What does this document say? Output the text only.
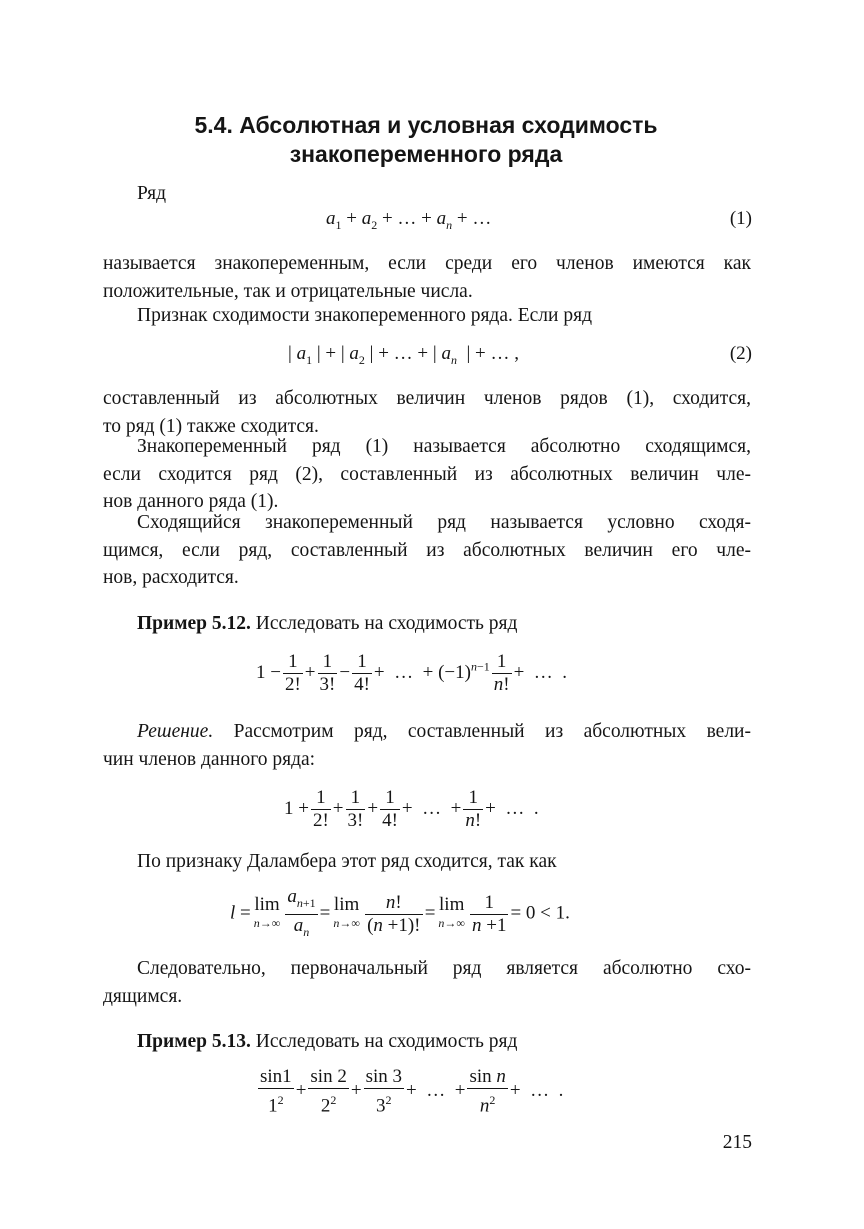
5.4. Абсолютная и условная сходимость
знакопеременного ряда
Ряд
$a_1 + a_2$ + … + $a_n$ + …	(1)
называется знакопеременным, если среди его членов имеются как
положительные, так и отрицательные числа.
Признак сходимости знакопеременного ряда. Если ряд
| $a_1$ | + | $a_2$ | + … + | $a_n$  | + … ,	(2)
составленный из абсолютных величин членов рядов (1), сходится,
то ряд (1) также сходится.
Знакопеременный ряд (1) называется абсолютно сходящимся,
если сходится ряд (2), составленный из абсолютных величин чле-
нов данного ряда (1).
Сходящийся знакопеременный ряд называется условно сходя-
щимся, если ряд, составленный из абсолютных величин его чле-
нов, расходится.
Пример 5.12. Исследовать на сходимость ряд
$1 - \frac{1}{2!} + \frac{1}{3!} - \frac{1}{4!}$ +  …  + $(-1)^{n-1} \frac{1}{n!}$ +  …  .
Решение. Рассмотрим ряд, составленный из абсолютных вели-
чин членов данного ряда:
$1 + \frac{1}{2!} + \frac{1}{3!} + \frac{1}{4!}$ +  …  + $\frac{1}{n!}$ +  …  .
По признаку Даламбера этот ряд сходится, так как
l = lim
$n\to\infty \frac{a_{n+1}}{a_n} = \lim$
$n\to\infty \frac{n!}{(n +1)!} = \lim$
$n\to\infty \frac{1}{n +1} = 0 < 1$.
Следовательно, первоначальный ряд является абсолютно схо-
дящимся.
Пример 5.13. Исследовать на сходимость ряд
$\frac{\sin 1}{1^2} + \frac{\sin 2}{2^2} + \frac{\sin 3}{3^2}$ +  …  + $\frac{\text{sin n}}{n^2}$ +  …  .
215
